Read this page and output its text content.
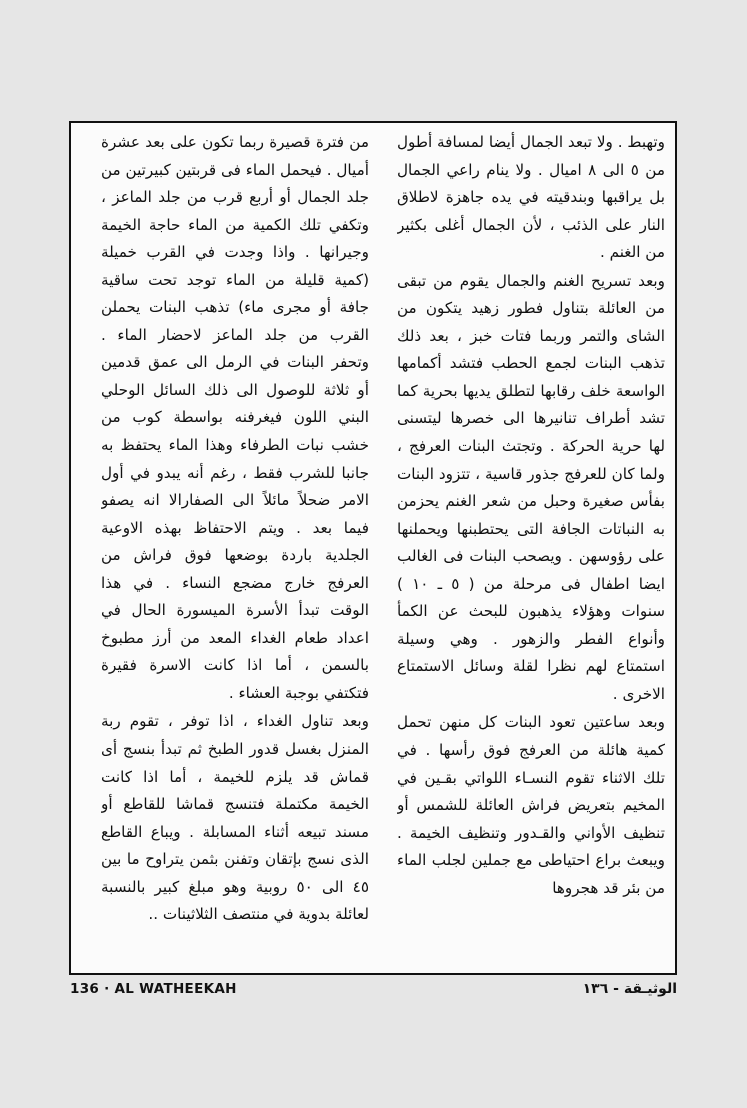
وتهبط . ولا تبعد الجمال أيضا لمسافة أطول من ٥ الى ٨ اميال . ولا ينام راعي الجمال بل يراقبها وبندقيته في يده جاهزة لاطلاق النار على الذئب ، لأن الجمال أغلى بكثير من الغنم .

وبعد تسريح الغنم والجمال يقوم من تبقى من العائلة بتناول فطور زهيد يتكون من الشاى والتمر وربما فتات خبز ، بعد ذلك تذهب البنات لجمع الحطب فتشد أكمامها الواسعة خلف رقابها لتطلق يديها بحرية كما تشد أطراف تنانيرها الى خصرها ليتسنى لها حرية الحركة . وتجتث البنات العرفج ، ولما كان للعرفج جذور قاسية ، تتزود البنات بفأس صغيرة وحبل من شعر الغنم يحزمن به النباتات الجافة التى يحتطبنها ويحملنها على رؤوسهن . ويصحب البنات فى الغالب ايضا اطفال فى مرحلة من ( ٥ ـ ١٠ ) سنوات وهؤلاء يذهبون للبحث عن الكمأ وأنواع الفطر والزهور . وهي وسيلة استمتاع لهم نظرا لقلة وسائل الاستمتاع الاخرى .

وبعد ساعتين تعود البنات كل منهن تحمل كمية هائلة من العرفج فوق رأسها . في تلك الاثناء تقوم النسـاء اللواتي بقـين في المخيم بتعريض فراش العائلة للشمس أو تنظيف الأواني والقـدور وتنظيف الخيمة . ويبعث براع احتياطى مع جملين لجلب الماء من بئر قد هجروها

من فترة قصيرة ربما تكون على بعد عشرة أميال . فيحمل الماء فى قربتين كبيرتين من جلد الجمال أو أربع قرب من جلد الماعز ، وتكفي تلك الكمية من الماء حاجة الخيمة وجيرانها . واذا وجدت في القرب خميلة (كمية قليلة من الماء توجد تحت ساقية جافة أو مجرى ماء) تذهب البنات يحملن القرب من جلد الماعز لاحضار الماء . وتحفر البنات في الرمل الى عمق قدمين أو ثلاثة للوصول الى ذلك السائل الوحلي البني اللون فيغرفنه بواسطة كوب من خشب نبات الطرفاء وهذا الماء يحتفظ به جانبا للشرب فقط ، رغم أنه يبدو في أول الامر ضحلاً مائلاً الى الصفارالا انه يصفو فيما بعد . ويتم الاحتفاظ بهذه الاوعية الجلدية باردة بوضعها فوق فراش من العرفج خارج مضجع النساء . في هذا الوقت تبدأ الأسرة الميسورة الحال في اعداد طعام الغداء المعد من أرز مطبوخ بالسمن ، أما اذا كانت الاسرة فقيرة فتكتفي بوجبة العشاء .

وبعد تناول الغداء ، اذا توفر ، تقوم ربة المنزل بغسل قدور الطبخ ثم تبدأ بنسج أى قماش قد يلزم للخيمة ، أما اذا كانت الخيمة مكتملة فتنسج قماشا للقاطع أو مسند تبيعه أثناء المسابلة . ويباع القاطع الذى نسج بإتقان وتفنن بثمن يتراوح ما بين ٤٥ الى ٥٠ روبية وهو مبلغ كبير بالنسبة لعائلة بدوية في منتصف الثلاثينات ..

136 · AL WATHEEKAH	الوثيـقة - ١٣٦
